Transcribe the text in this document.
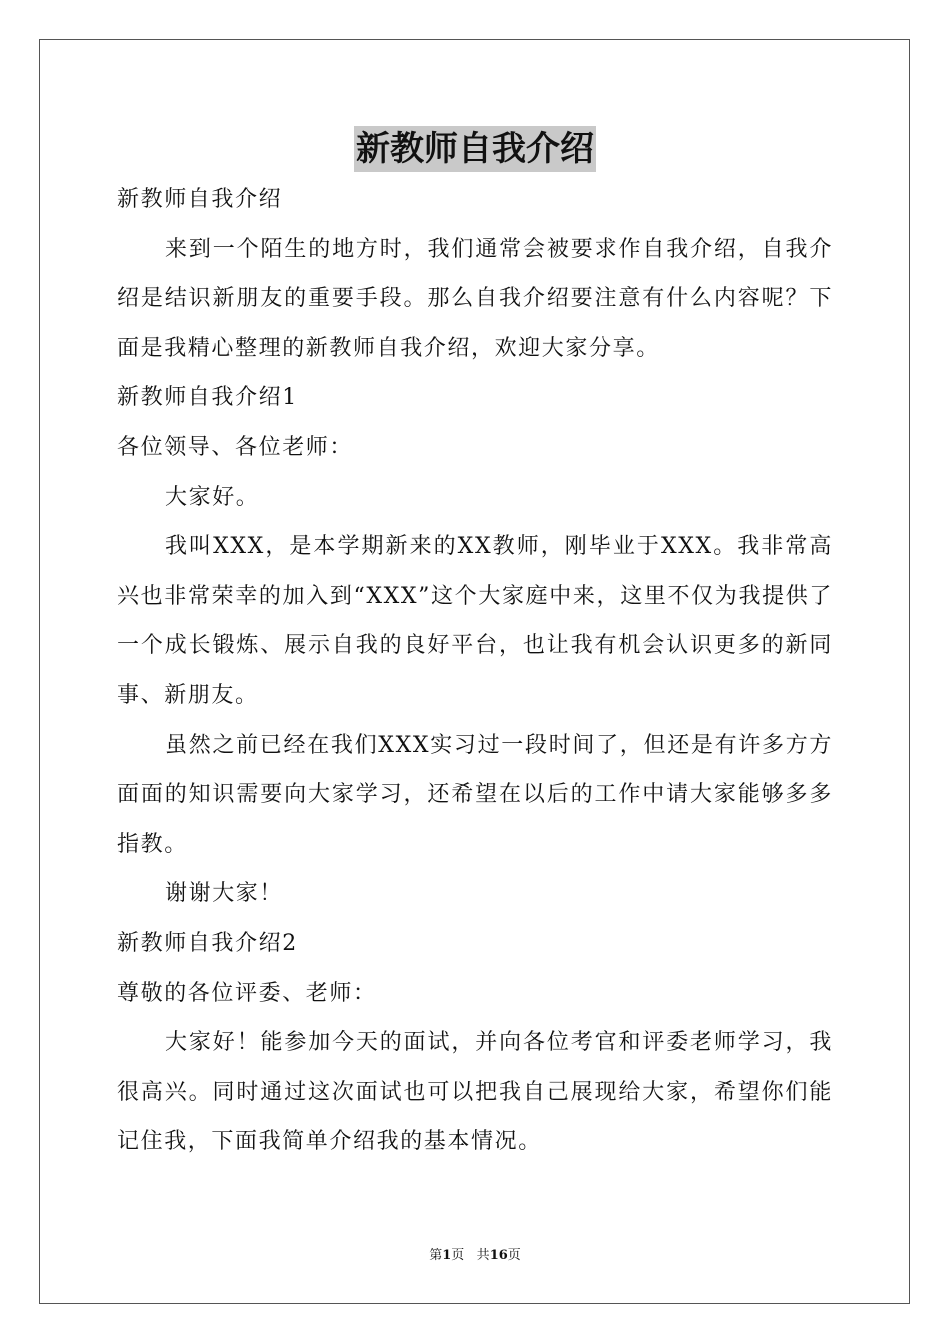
新教师自我介绍

新教师自我介绍

来到一个陌生的地方时，我们通常会被要求作自我介绍，自我介绍是结识新朋友的重要手段。那么自我介绍要注意有什么内容呢？下面是我精心整理的新教师自我介绍，欢迎大家分享。

新教师自我介绍1

各位领导、各位老师：

大家好。

我叫XXX，是本学期新来的XX教师，刚毕业于XXX。我非常高兴也非常荣幸的加入到“XXX”这个大家庭中来，这里不仅为我提供了一个成长锻炼、展示自我的良好平台，也让我有机会认识更多的新同事、新朋友。

虽然之前已经在我们XXX实习过一段时间了，但还是有许多方方面面的知识需要向大家学习，还希望在以后的工作中请大家能够多多指教。

谢谢大家！

新教师自我介绍2

尊敬的各位评委、老师：

大家好！能参加今天的面试，并向各位考官和评委老师学习，我很高兴。同时通过这次面试也可以把我自己展现给大家，希望你们能记住我，下面我简单介绍我的基本情况。

第1页 共16页
